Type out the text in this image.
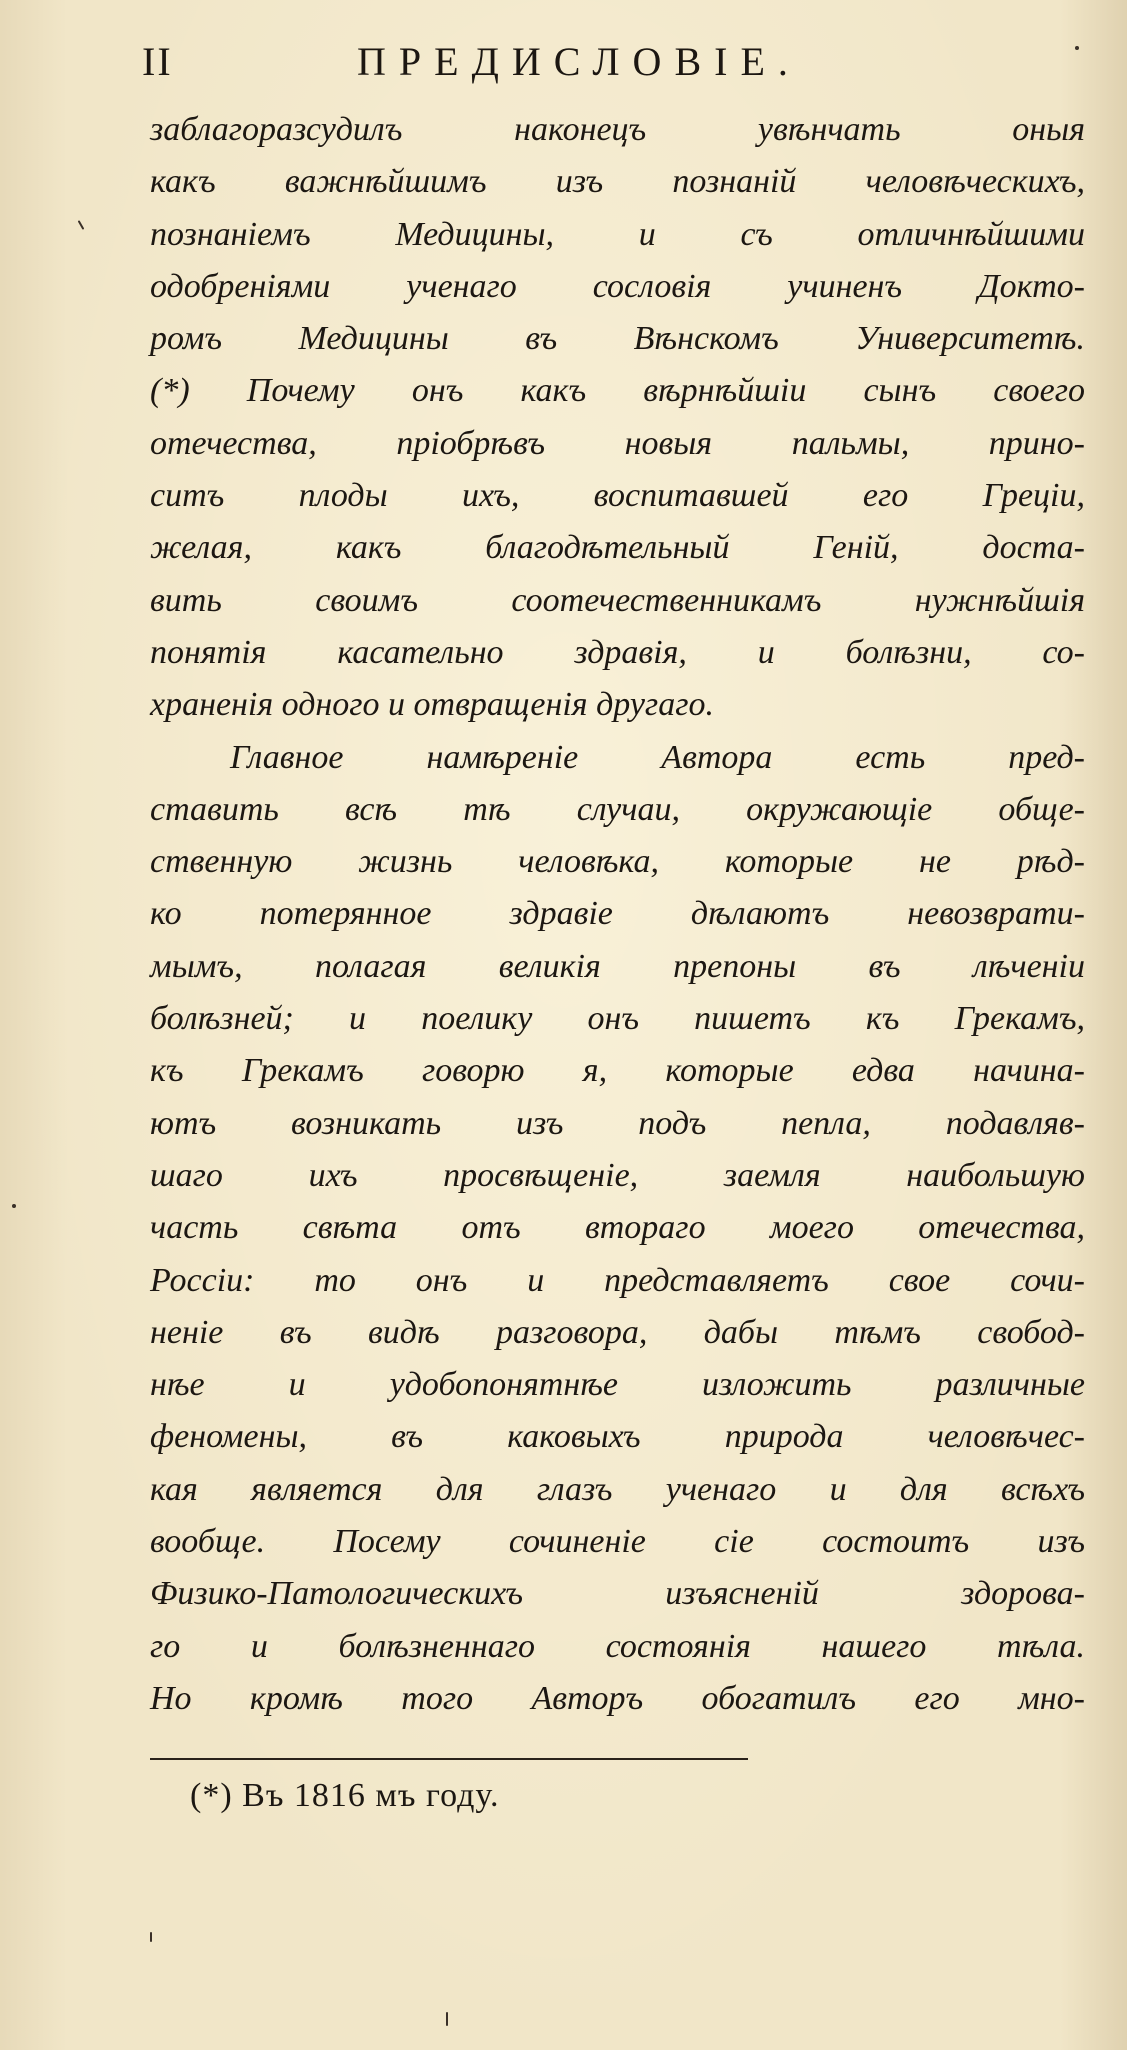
II	ПРЕДИСЛОВІЕ.
заблагоразсудилъ наконецъ увѣнчать оныя
какъ важнѣйшимъ изъ познаній человѣческихъ,
познаніемъ Медицины, и съ отличнѣйшими
одобреніями ученаго сословія учиненъ Докто-
ромъ Медицины въ Вѣнскомъ Университетѣ.
(*) Почему онъ какъ вѣрнѣйшіи сынъ своего
отечества, пріобрѣвъ новыя пальмы, прино-
ситъ плоды ихъ, воспитавшей его Греціи,
желая, какъ благодѣтельный Геній, доста-
вить своимъ соотечественникамъ нужнѣйшія
понятія касательно здравія, и болѣзни, со-
храненія одного и отвращенія другаго.
Главное намѣреніе Автора есть пред-
ставить всѣ тѣ случаи, окружающіе обще-
ственную жизнь человѣка, которые не рѣд-
ко потерянное здравіе дѣлаютъ невозврати-
мымъ, полагая великія препоны въ лѣченіи
болѣзней; и поелику онъ пишетъ къ Грекамъ,
къ Грекамъ говорю я, которые едва начина-
ютъ возникать изъ подъ пепла, подавляв-
шаго ихъ просвѣщеніе, заемля наибольшую
часть свѣта отъ втораго моего отечества,
Россіи: то онъ и представляетъ свое сочи-
неніе въ видѣ разговора, дабы тѣмъ свобод-
нѣе и удобопонятнѣе изложить различные
феномены, въ каковыхъ природа человѣчес-
кая является для глазъ ученаго и для всѣхъ
вообще. Посему сочиненіе сіе состоитъ изъ
Физико-Патологическихъ изъясненій здорова-
го и болѣзненнаго состоянія нашего тѣла.
Но кромѣ того Авторъ обогатилъ его мно-
(*) Въ 1816 мъ году.
